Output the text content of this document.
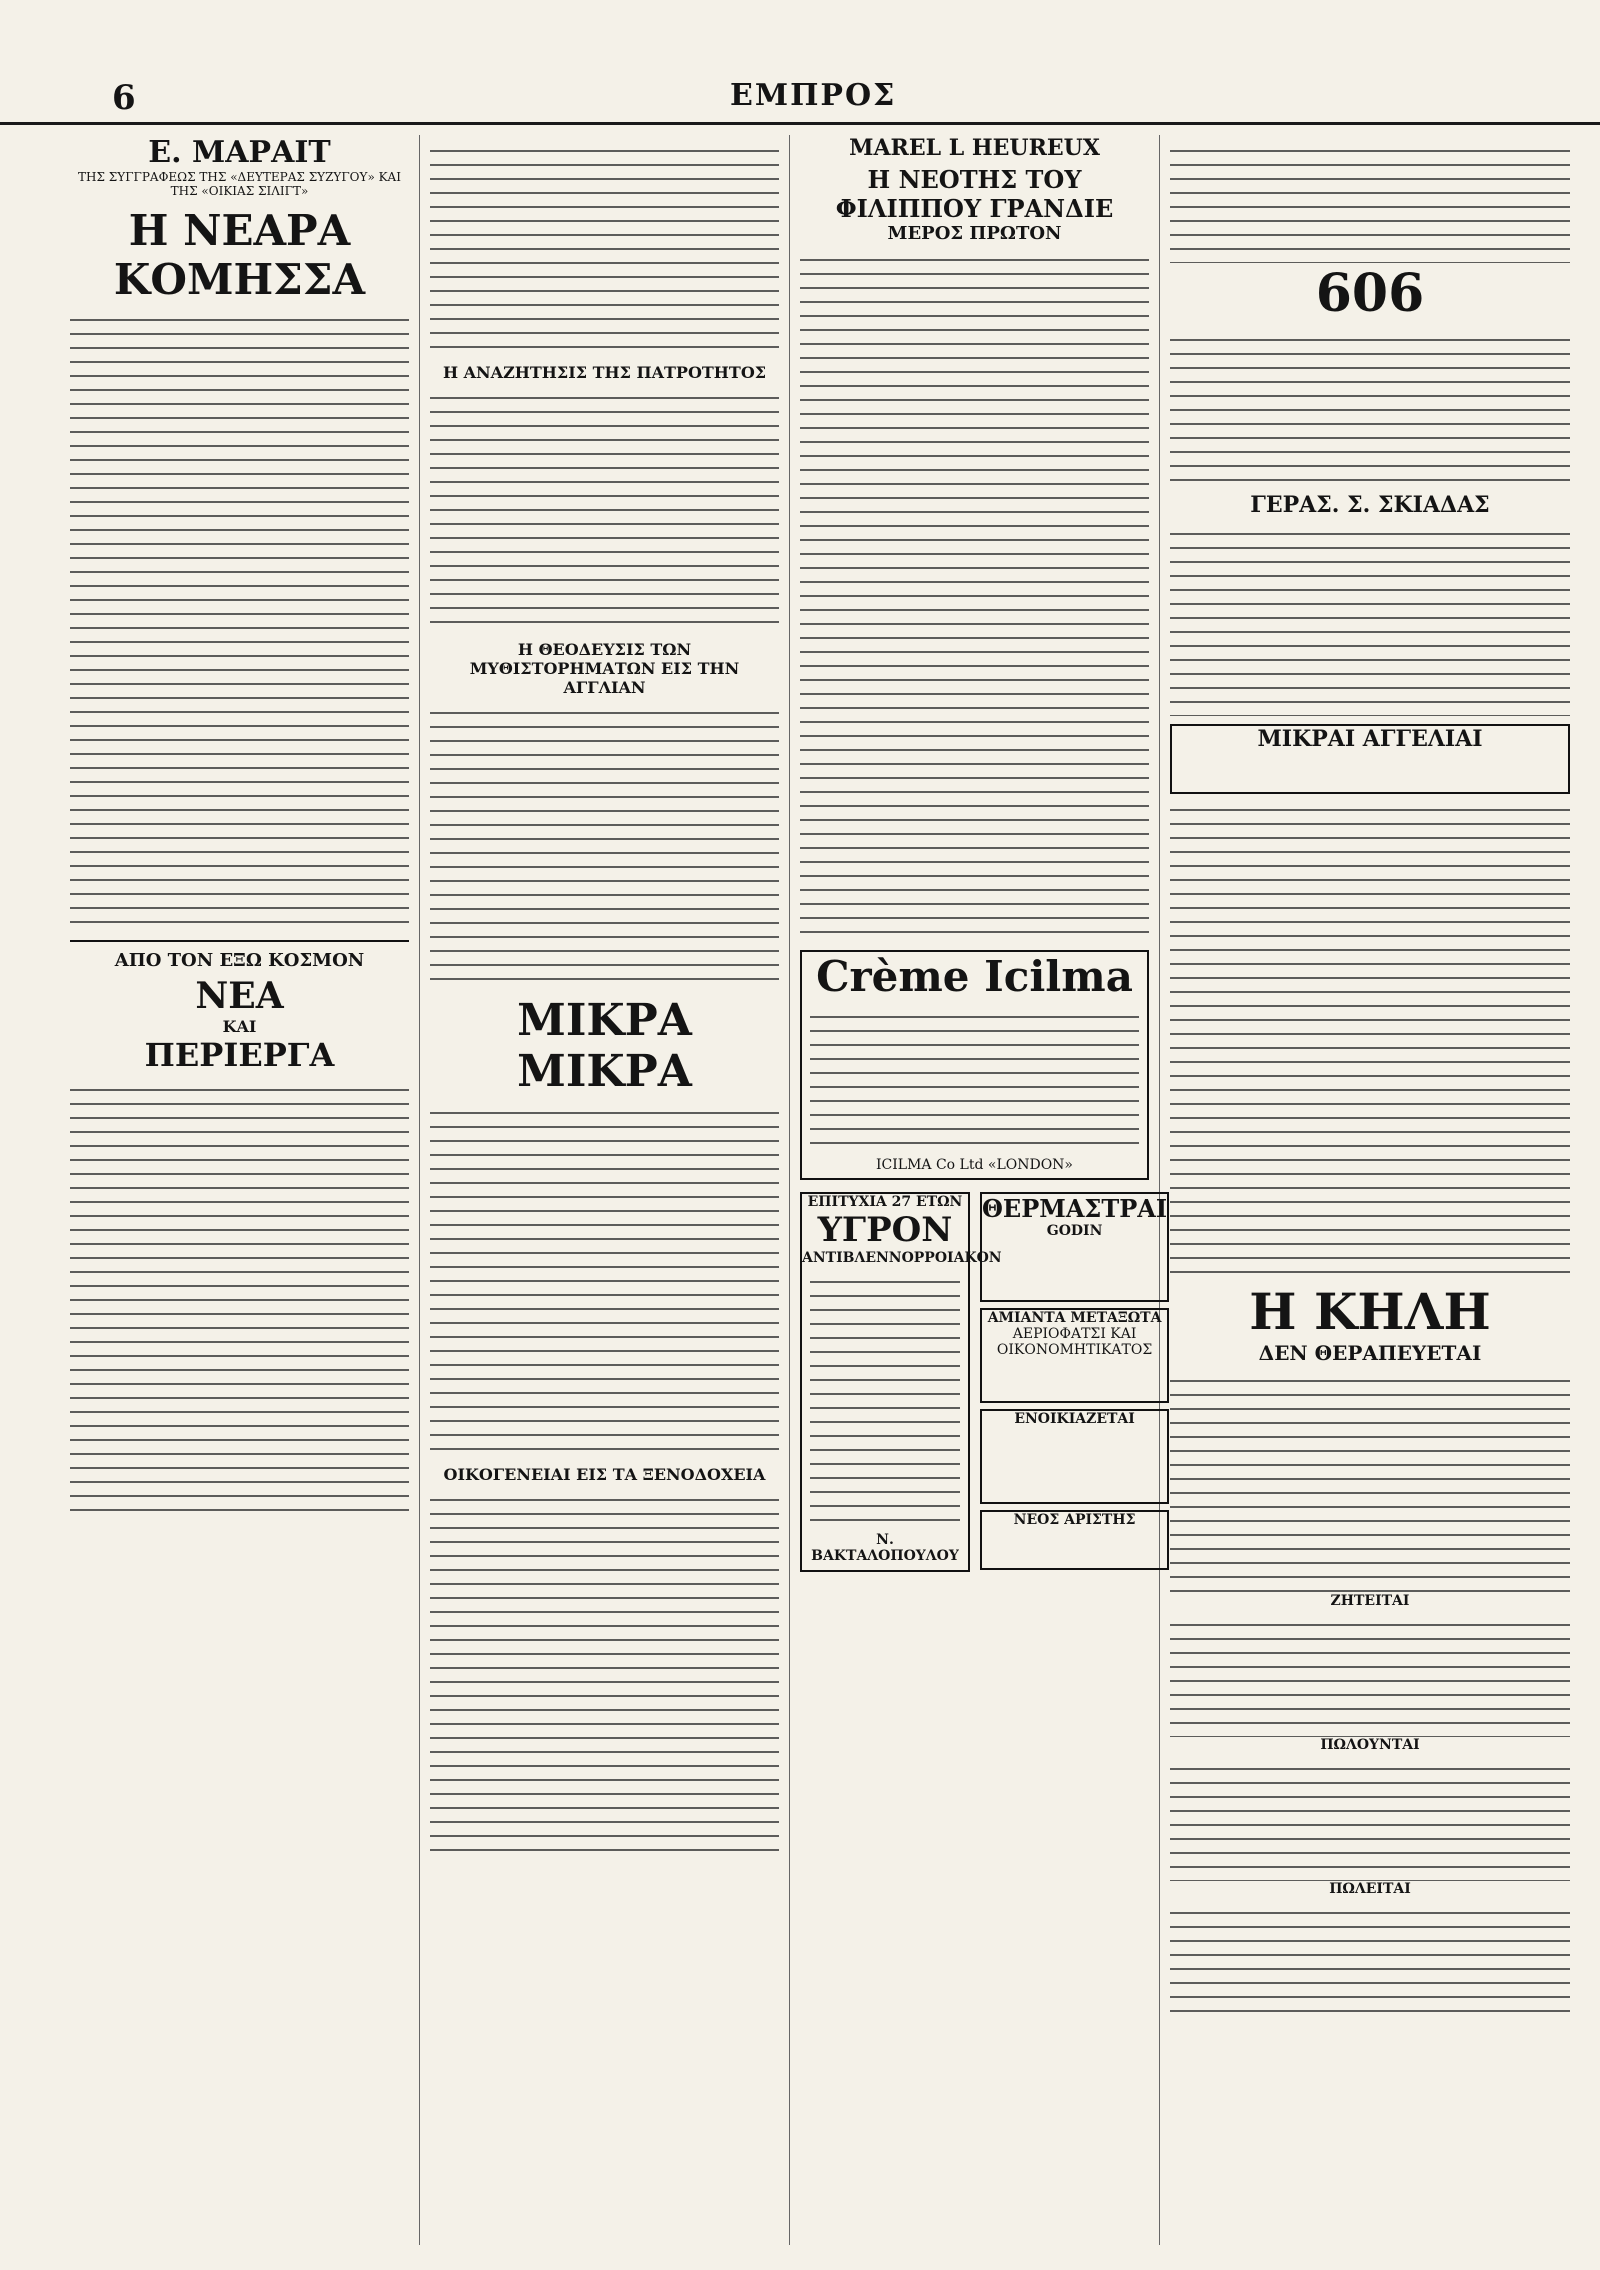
6	ΕΜΠΡΟΣ
Ε. ΜΑΡΑΙΤ
ΤΗΣ ΣΥΓΓΡΑΦΕΩΣ ΤΗΣ «ΔΕΥΤΕΡΑΣ ΣΥΖΥΓΟΥ» ΚΑΙ ΤΗΣ «ΟΙΚΙΑΣ ΣΙΛΙΓΤ»
Η ΝΕΑΡΑ ΚΟΜΗΣΣΑ
ΑΠΟ ΤΟΝ ΕΞΩ ΚΟΣΜΟΝ
ΝΕΑ
ΚΑΙ
ΠΕΡΙΕΡΓΑ
Η ΑΝΑΖΗΤΗΣΙΣ ΤΗΣ ΠΑΤΡΟΤΗΤΟΣ
Η ΘΕΟΔΕΥΣΙΣ ΤΩΝ ΜΥΘΙΣΤΟΡΗΜΑΤΩΝ ΕΙΣ ΤΗΝ ΑΓΓΛΙΑΝ
ΜΙΚΡΑ
ΜΙΚΡΑ
ΟΙΚΟΓΕΝΕΙΑΙ ΕΙΣ ΤΑ ΞΕΝΟΔΟΧΕΙΑ
MAREL L HEUREUX
Η ΝΕΟΤΗΣ ΤΟΥ ΦΙΛΙΠΠΟΥ ΓΡΑΝΔΙΕ
ΜΕΡΟΣ ΠΡΩΤΟΝ
Crème Icilma
ICILMA Co Ltd «LONDON»
ΕΠΙΤΥΧΙΑ 27 ΕΤΩΝ
ΥΓΡΟΝ
ΑΝΤΙΒΛΕΝΝΟΡΡΟΙΑΚΟΝ
Ν. ΒΑΚΤΑΛΟΠΟΥΛΟΥ
ΘΕΡΜΑΣΤΡΑΙ
GODIN
ΑΜΙΑΝΤΑ ΜΕΤΑΞΩΤΑ
ΑΕΡΙΟΦΑΤΣΙ ΚΑΙ ΟΙΚΟΝΟΜΗΤΙΚΑΤΟΣ
ΕΝΟΙΚΙΑΖΕΤΑΙ
ΝΕΟΣ ΑΡΙΣΤΗΣ
606
ΓΕΡΑΣ. Σ. ΣΚΙΑΔΑΣ
ΜΙΚΡΑΙ ΑΓΓΕΛΙΑΙ
Η ΚΗΛΗ
ΔΕΝ ΘΕΡΑΠΕΥΕΤΑΙ
ΖΗΤΕΙΤΑΙ
ΠΩΛΟΥΝΤΑΙ
ΠΩΛΕΙΤΑΙ
